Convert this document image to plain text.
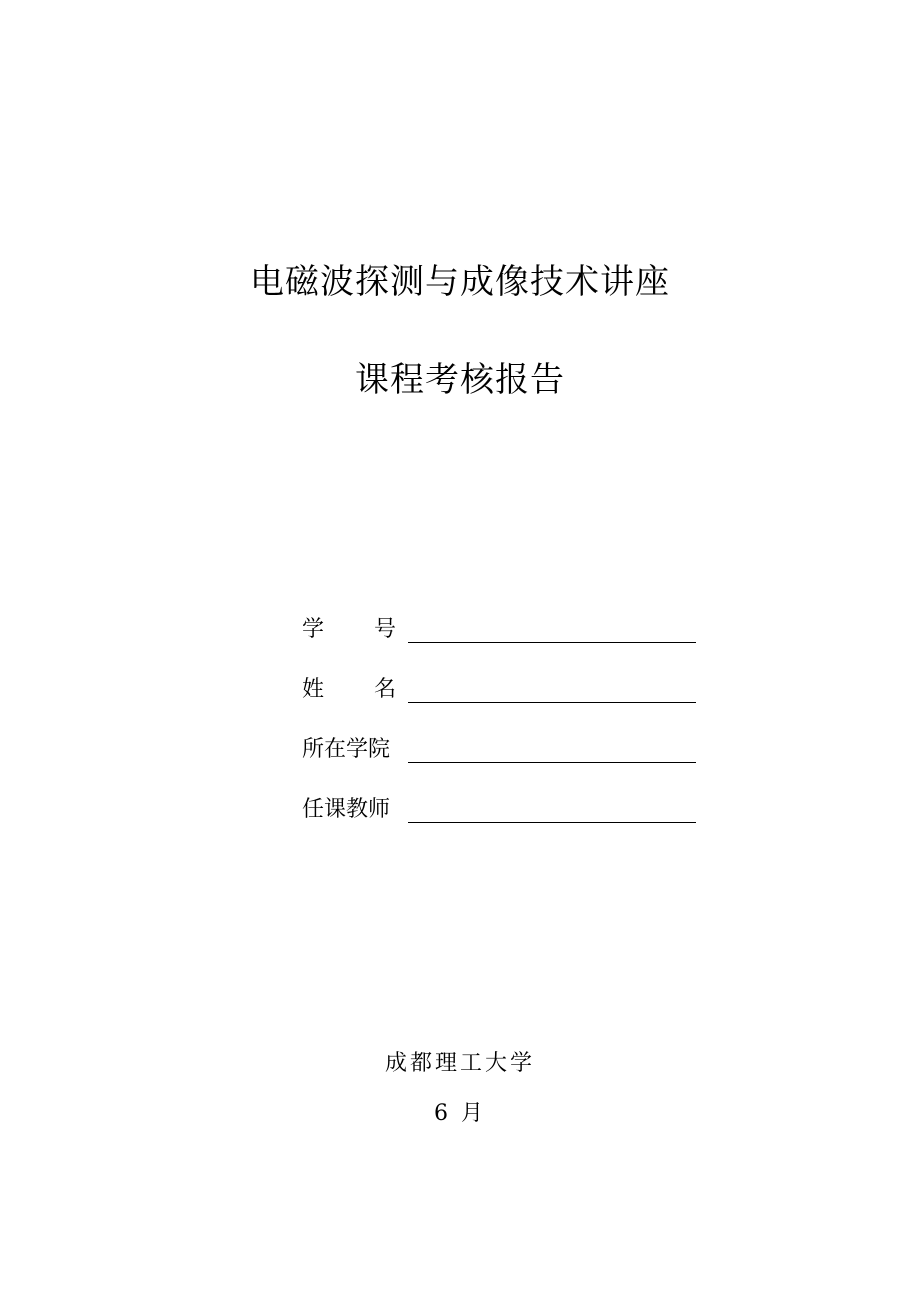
电磁波探测与成像技术讲座
课程考核报告
学 号
姓 名
所在学院
任课教师
成都理工大学
6 月
